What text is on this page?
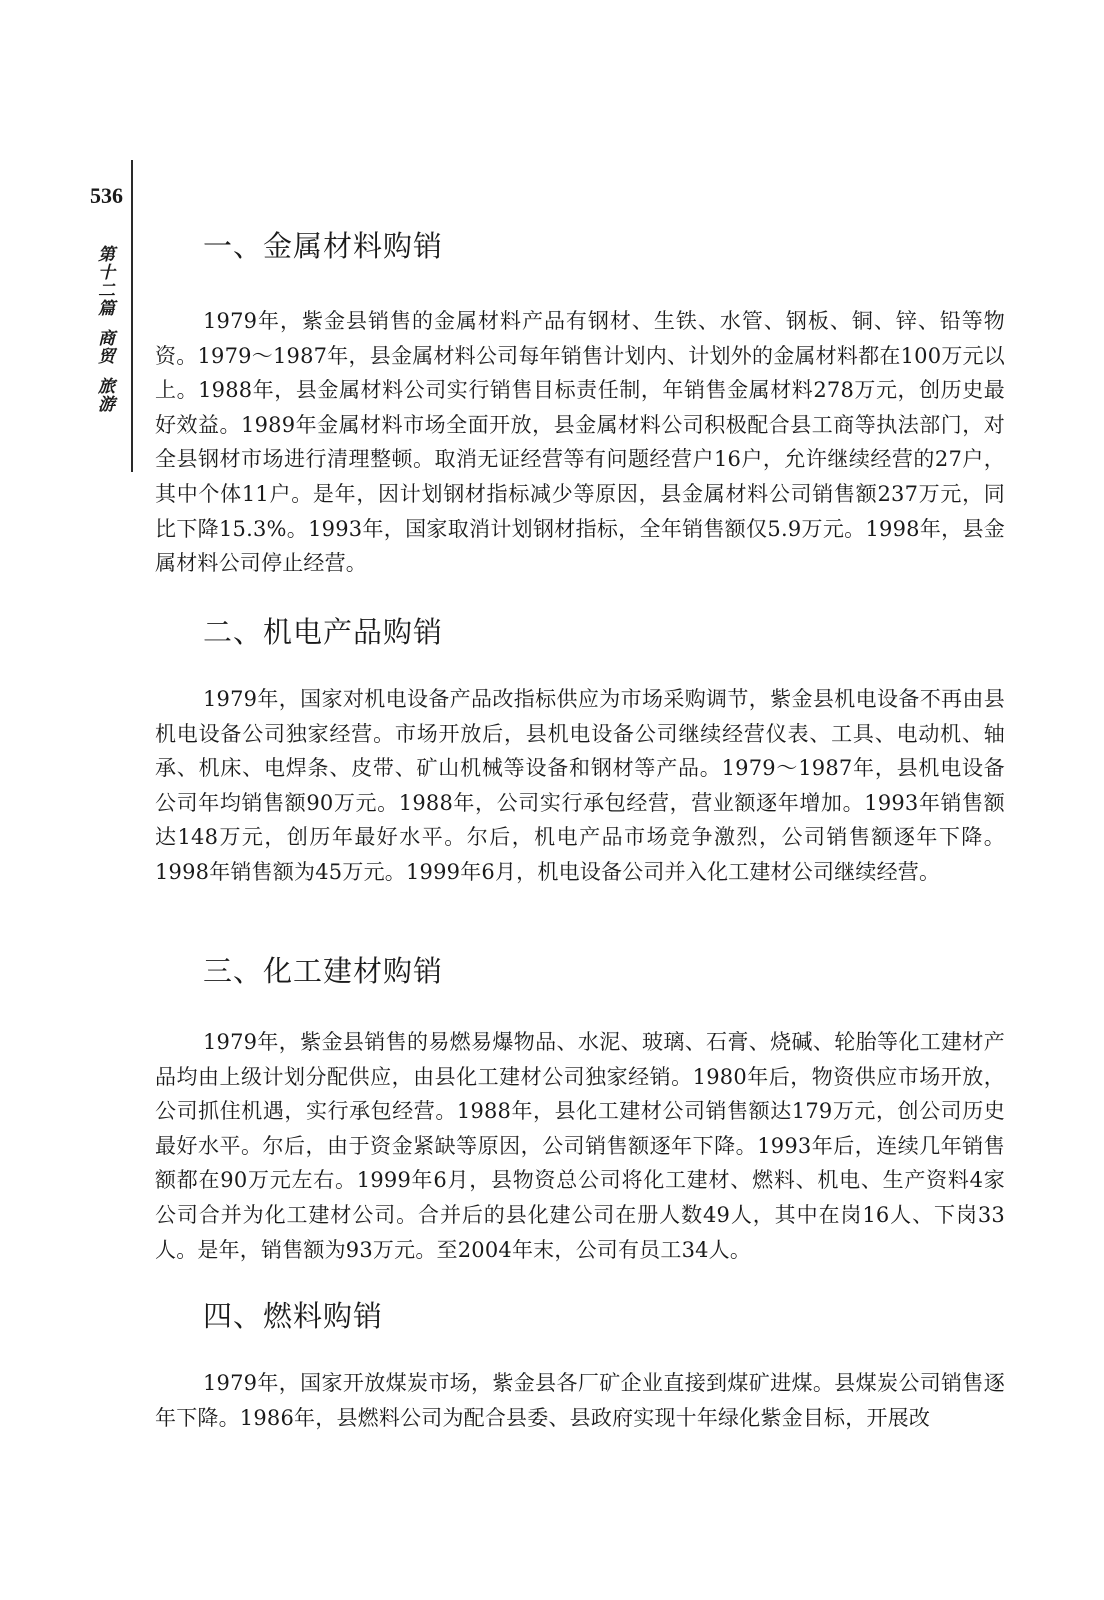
536
第十二篇商贸旅游
一、金属材料购销

1979年，紫金县销售的金属材料产品有钢材、生铁、水管、钢板、铜、锌、铅等物资。1979～1987年，县金属材料公司每年销售计划内、计划外的金属材料都在100万元以上。1988年，县金属材料公司实行销售目标责任制，年销售金属材料278万元，创历史最好效益。1989年金属材料市场全面开放，县金属材料公司积极配合县工商等执法部门，对全县钢材市场进行清理整顿。取消无证经营等有问题经营户16户，允许继续经营的27户，其中个体11户。是年，因计划钢材指标减少等原因，县金属材料公司销售额237万元，同比下降15.3%。1993年，国家取消计划钢材指标，全年销售额仅5.9万元。1998年，县金属材料公司停止经营。

二、机电产品购销

1979年，国家对机电设备产品改指标供应为市场采购调节，紫金县机电设备不再由县机电设备公司独家经营。市场开放后，县机电设备公司继续经营仪表、工具、电动机、轴承、机床、电焊条、皮带、矿山机械等设备和钢材等产品。1979～1987年，县机电设备公司年均销售额90万元。1988年，公司实行承包经营，营业额逐年增加。1993年销售额达148万元，创历年最好水平。尔后，机电产品市场竞争激烈，公司销售额逐年下降。1998年销售额为45万元。1999年6月，机电设备公司并入化工建材公司继续经营。

三、化工建材购销

1979年，紫金县销售的易燃易爆物品、水泥、玻璃、石膏、烧碱、轮胎等化工建材产品均由上级计划分配供应，由县化工建材公司独家经销。1980年后，物资供应市场开放，公司抓住机遇，实行承包经营。1988年，县化工建材公司销售额达179万元，创公司历史最好水平。尔后，由于资金紧缺等原因，公司销售额逐年下降。1993年后，连续几年销售额都在90万元左右。1999年6月，县物资总公司将化工建材、燃料、机电、生产资料4家公司合并为化工建材公司。合并后的县化建公司在册人数49人，其中在岗16人、下岗33人。是年，销售额为93万元。至2004年末，公司有员工34人。

四、燃料购销

1979年，国家开放煤炭市场，紫金县各厂矿企业直接到煤矿进煤。县煤炭公司销售逐年下降。1986年，县燃料公司为配合县委、县政府实现十年绿化紫金目标，开展改
